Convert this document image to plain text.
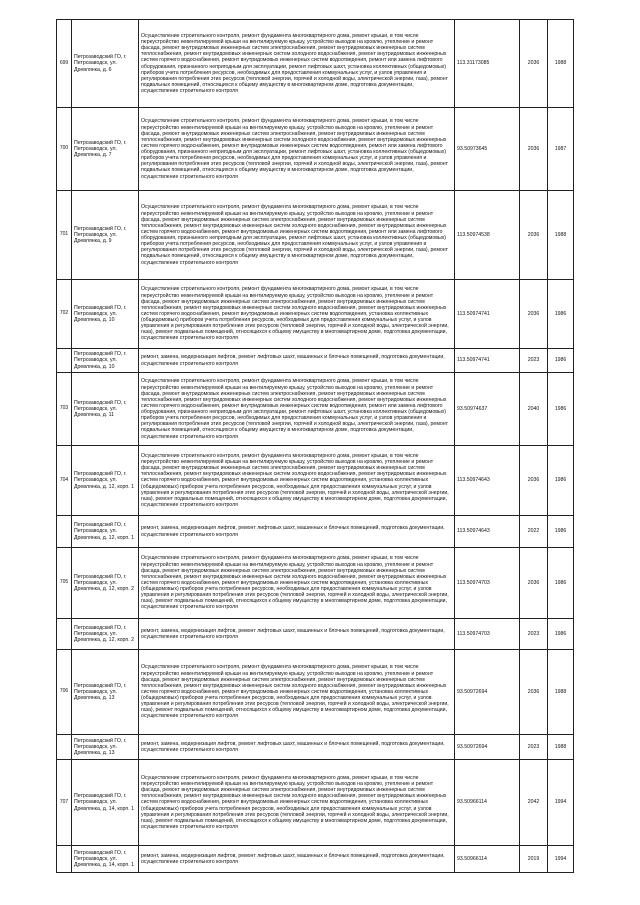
699	Петрозаводский ГО, г. Петрозаводск, ул. Древлянка, д. 6	Осуществление строительного контроля, ремонт фундамента многоквартирного дома, ремонт крыши, в том числе переустройство невентилируемой крыши на вентилируемую крышу, устройство выходов на кровлю, утепление и ремонт фасада, ремонт внутридомовых инженерных систем электроснабжения, ремонт внутридомовых инженерных систем теплоснабжения, ремонт внутридомовых инженерных систем холодного водоснабжения, ремонт внутридомовых инженерных систем горячего водоснабжения, ремонт внутридомовых инженерных систем водоотведения, ремонт или замена лифтового оборудования, признанного непригодным для эксплуатации, ремонт лифтовых шахт, установка коллективных (общедомовых) приборов учета потребления ресурсов, необходимых для предоставления коммунальных услуг, и узлов управления и регулирования потребления этих ресурсов (тепловой энергии, горячей и холодной воды, электрической энергии, газа), ремонт подвальных помещений, относящихся к общему имуществу в многоквартирном доме, подготовка документации, осуществление строительного контроля	113.31173085	2036	1988
700	Петрозаводский ГО, г. Петрозаводск, ул. Древлянка, д. 7	Осуществление строительного контроля, ремонт фундамента многоквартирного дома, ремонт крыши, в том числе переустройство невентилируемой крыши на вентилируемую крышу, устройство выходов на кровлю, утепление и ремонт фасада, ремонт внутридомовых инженерных систем электроснабжения, ремонт внутридомовых инженерных систем теплоснабжения, ремонт внутридомовых инженерных систем холодного водоснабжения, ремонт внутридомовых инженерных систем горячего водоснабжения, ремонт внутридомовых инженерных систем водоотведения, ремонт или замена лифтового оборудования, признанного непригодным для эксплуатации, ремонт лифтовых шахт, установка коллективных (общедомовых) приборов учета потребления ресурсов, необходимых для предоставления коммунальных услуг, и узлов управления и регулирования потребления этих ресурсов (тепловой энергии, горячей и холодной воды, электрической энергии, газа), ремонт подвальных помещений, относящихся к общему имуществу в многоквартирном доме, подготовка документации, осуществление строительного контроля	93.50973645	2036	1987
701	Петрозаводский ГО, г. Петрозаводск, ул. Древлянка, д. 9	Осуществление строительного контроля, ремонт фундамента многоквартирного дома, ремонт крыши, в том числе переустройство невентилируемой крыши на вентилируемую крышу, устройство выходов на кровлю, утепление и ремонт фасада, ремонт внутридомовых инженерных систем электроснабжения, ремонт внутридомовых инженерных систем теплоснабжения, ремонт внутридомовых инженерных систем холодного водоснабжения, ремонт внутридомовых инженерных систем горячего водоснабжения, ремонт внутридомовых инженерных систем водоотведения, ремонт или замена лифтового оборудования, признанного непригодным для эксплуатации, ремонт лифтовых шахт, установка коллективных (общедомовых) приборов учета потребления ресурсов, необходимых для предоставления коммунальных услуг, и узлов управления и регулирования потребления этих ресурсов (тепловой энергии, горячей и холодной воды, электрической энергии, газа), ремонт подвальных помещений, относящихся к общему имуществу в многоквартирном доме, подготовка документации, осуществление строительного контроля	113.50974538	2036	1988
702	Петрозаводский ГО, г. Петрозаводск, ул. Древлянка, д. 10	Осуществление строительного контроля, ремонт фундамента многоквартирного дома, ремонт крыши, в том числе переустройство невентилируемой крыши на вентилируемую крышу, устройство выходов на кровлю, утепление и ремонт фасада, ремонт внутридомовых инженерных систем электроснабжения, ремонт внутридомовых инженерных систем теплоснабжения, ремонт внутридомовых инженерных систем холодного водоснабжения, ремонт внутридомовых инженерных систем горячего водоснабжения, ремонт внутридомовых инженерных систем водоотведения, установка коллективных (общедомовых) приборов учета потребления ресурсов, необходимых для предоставления коммунальных услуг, и узлов управления и регулирования потребления этих ресурсов (тепловой энергии, горячей и холодной воды, электрической энергии, газа), ремонт подвальных помещений, относящихся к общему имуществу в многоквартирном доме, подготовка документации, осуществление строительного контроля	113.50974741	2036	1986
	Петрозаводский ГО, г. Петрозаводск, ул. Древлянка, д. 10	ремонт, замена, модернизация лифтов, ремонт лифтовых шахт, машинных и блочных помещений, подготовка документации, осуществление строительного контроля	113.50974741	2023	1986
703	Петрозаводский ГО, г. Петрозаводск, ул. Древлянка, д. 11	Осуществление строительного контроля, ремонт фундамента многоквартирного дома, ремонт крыши, в том числе переустройство невентилируемой крыши на вентилируемую крышу, устройство выходов на кровлю, утепление и ремонт фасада, ремонт внутридомовых инженерных систем электроснабжения, ремонт внутридомовых инженерных систем теплоснабжения, ремонт внутридомовых инженерных систем холодного водоснабжения, ремонт внутридомовых инженерных систем горячего водоснабжения, ремонт внутридомовых инженерных систем водоотведения, ремонт или замена лифтового оборудования, признанного непригодным для эксплуатации, ремонт лифтовых шахт, установка коллективных (общедомовых) приборов учета потребления ресурсов, необходимых для предоставления коммунальных услуг, и узлов управления и регулирования потребления этих ресурсов (тепловой энергии, горячей и холодной воды, электрической энергии, газа), ремонт подвальных помещений, относящихся к общему имуществу в многоквартирном доме, подготовка документации, осуществление строительного контроля	93.50974637	2040	1986
704	Петрозаводский ГО, г. Петрозаводск, ул. Древлянка, д. 12, корп. 1	Осуществление строительного контроля, ремонт фундамента многоквартирного дома, ремонт крыши, в том числе переустройство невентилируемой крыши на вентилируемую крышу, устройство выходов на кровлю, утепление и ремонт фасада, ремонт внутридомовых инженерных систем электроснабжения, ремонт внутридомовых инженерных систем теплоснабжения, ремонт внутридомовых инженерных систем холодного водоснабжения, ремонт внутридомовых инженерных систем горячего водоснабжения, ремонт внутридомовых инженерных систем водоотведения, установка коллективных (общедомовых) приборов учета потребления ресурсов, необходимых для предоставления коммунальных услуг, и узлов управления и регулирования потребления этих ресурсов (тепловой энергии, горячей и холодной воды, электрической энергии, газа), ремонт подвальных помещений, относящихся к общему имуществу в многоквартирном доме, подготовка документации, осуществление строительного контроля	113.50974643	2036	1986
	Петрозаводский ГО, г. Петрозаводск, ул. Древлянка, д. 12, корп. 1	ремонт, замена, модернизация лифтов, ремонт лифтовых шахт, машинных и блочных помещений, подготовка документации, осуществление строительного контроля	113.50974643	2022	1986
705	Петрозаводский ГО, г. Петрозаводск, ул. Древлянка, д. 12, корп. 2	Осуществление строительного контроля, ремонт фундамента многоквартирного дома, ремонт крыши, в том числе переустройство невентилируемой крыши на вентилируемую крышу, устройство выходов на кровлю, утепление и ремонт фасада, ремонт внутридомовых инженерных систем электроснабжения, ремонт внутридомовых инженерных систем теплоснабжения, ремонт внутридомовых инженерных систем холодного водоснабжения, ремонт внутридомовых инженерных систем горячего водоснабжения, ремонт внутридомовых инженерных систем водоотведения, установка коллективных (общедомовых) приборов учета потребления ресурсов, необходимых для предоставления коммунальных услуг, и узлов управления и регулирования потребления этих ресурсов (тепловой энергии, горячей и холодной воды, электрической энергии, газа), ремонт подвальных помещений, относящихся к общему имуществу в многоквартирном доме, подготовка документации, осуществление строительного контроля	113.50974703	2036	1986
	Петрозаводский ГО, г. Петрозаводск, ул. Древлянка, д. 12, корп. 2	ремонт, замена, модернизация лифтов, ремонт лифтовых шахт, машинных и блочных помещений, подготовка документации, осуществление строительного контроля	113.50974703	2023	1986
706	Петрозаводский ГО, г. Петрозаводск, ул. Древлянка, д. 13	Осуществление строительного контроля, ремонт фундамента многоквартирного дома, ремонт крыши, в том числе переустройство невентилируемой крыши на вентилируемую крышу, устройство выходов на кровлю, утепление и ремонт фасада, ремонт внутридомовых инженерных систем электроснабжения, ремонт внутридомовых инженерных систем теплоснабжения, ремонт внутридомовых инженерных систем холодного водоснабжения, ремонт внутридомовых инженерных систем горячего водоснабжения, ремонт внутридомовых инженерных систем водоотведения, установка коллективных (общедомовых) приборов учета потребления ресурсов, необходимых для предоставления коммунальных услуг, и узлов управления и регулирования потребления этих ресурсов (тепловой энергии, горячей и холодной воды, электрической энергии, газа), ремонт подвальных помещений, относящихся к общему имуществу в многоквартирном доме, подготовка документации, осуществление строительного контроля	93.50972694	2036	1988
	Петрозаводский ГО, г. Петрозаводск, ул. Древлянка, д. 13	ремонт, замена, модернизация лифтов, ремонт лифтовых шахт, машинных и блочных помещений, подготовка документации, осуществление строительного контроля	93.50972694	2023	1988
707	Петрозаводский ГО, г. Петрозаводск, ул. Древлянка, д. 14, корп. 1	Осуществление строительного контроля, ремонт фундамента многоквартирного дома, ремонт крыши, в том числе переустройство невентилируемой крыши на вентилируемую крышу, устройство выходов на кровлю, утепление и ремонт фасада, ремонт внутридомовых инженерных систем электроснабжения, ремонт внутридомовых инженерных систем теплоснабжения, ремонт внутридомовых инженерных систем холодного водоснабжения, ремонт внутридомовых инженерных систем горячего водоснабжения, ремонт внутридомовых инженерных систем водоотведения, установка коллективных (общедомовых) приборов учета потребления ресурсов, необходимых для предоставления коммунальных услуг, и узлов управления и регулирования потребления этих ресурсов (тепловой энергии, горячей и холодной воды, электрической энергии, газа), ремонт подвальных помещений, относящихся к общему имуществу в многоквартирном доме, подготовка документации, осуществление строительного контроля	93.50966114	2042	1994
	Петрозаводский ГО, г. Петрозаводск, ул. Древлянка, д. 14, корп. 1	ремонт, замена, модернизация лифтов, ремонт лифтовых шахт, машинных и блочных помещений, подготовка документации, осуществление строительного контроля	93.50966114	2019	1994
